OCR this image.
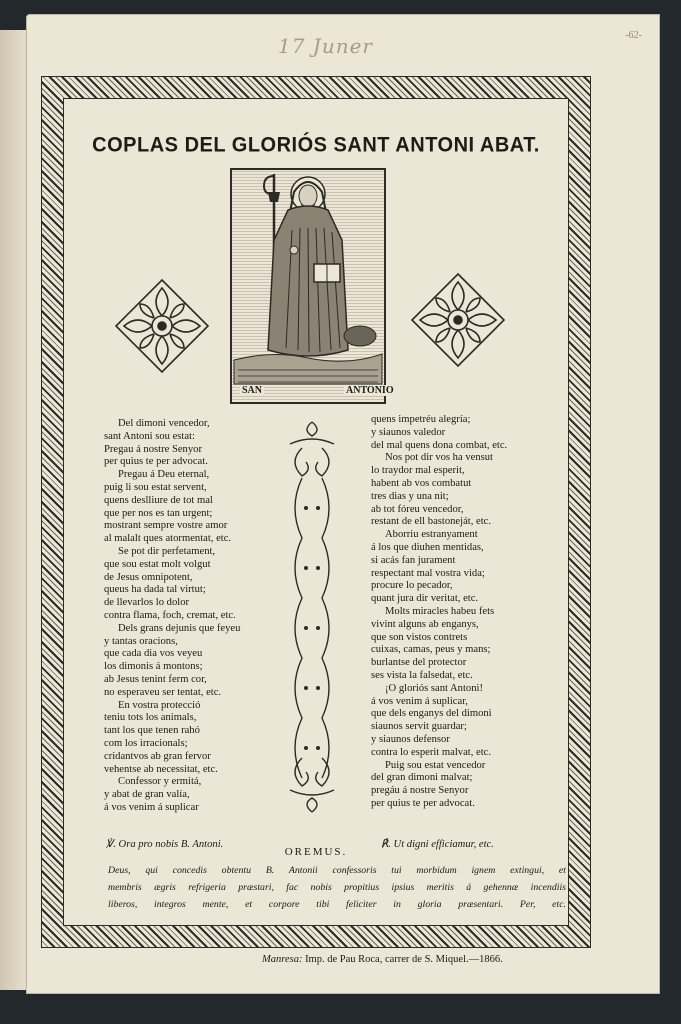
17 Juner	-62-
COPLAS DEL GLORIÓS SANT ANTONI ABAT.
SAN	ANTONIO
Del dimoni vencedor,
sant Antoni sou estat:
Pregau á nostre Senyor
per quius te per advocat.
Pregau á Deu eternal,
puig li sou estat servent,
quens deslliure de tot mal
que per nos es tan urgent;
mostrant sempre vostre amor
al malalt ques atormentat, etc.
Se pot dir perfetament,
que sou estat molt volgut
de Jesus omnipotent,
queus ha dada tal virtut;
de llevarlos lo dolor
contra flama, foch, cremat, etc.
Dels grans dejunis que feyeu
y tantas oracions,
que cada dia vos veyeu
los dimonis á montons;
ab Jesus tenint ferm cor,
no esperaveu ser tentat, etc.
En vostra protecció
teniu tots los animals,
tant los que tenen rahó
com los irracionals;
cridantvos ab gran fervor
vehentse ab necessitat, etc.
Confessor y ermitá,
y abat de gran valía,
á vos venim á suplicar
quens impetréu alegría;
y siaunos valedor
del mal quens dona combat, etc.
Nos pot dir vos ha vensut
lo traydor mal esperit,
habent ab vos combatut
tres dias y una nit;
ab tot fóreu vencedor,
restant de ell bastoneját, etc.
Aborriu estranyament
á los que diuhen mentidas,
si acás fan jurament
respectant mal vostra vida;
procure lo pecador,
quant jura dir veritat, etc.
Molts miracles habeu fets
vivint alguns ab enganys,
que son vistos contrets
cuixas, camas, peus y mans;
burlantse del protector
ses vista la falsedat, etc.
¡O gloriós sant Antoni!
á vos venim á suplicar,
que dels enganys del dimoni
siaunos servit guardar;
y siaunos defensor
contra lo esperit malvat, etc.
Puig sou estat vencedor
del gran dimoni malvat;
pregáu á nostre Senyor
per quius te per advocat.
℣. Ora pro nobis B. Antoni.	℟. Ut digni efficiamur, etc.
OREMUS.

Deus, qui concedis obtentu B. Antonii confessoris tui morbidum ignem extingui, et
membris ægris refrigeria præstari, fac nobis propitius ipsius meritis á gehennæ incendiis
liberos, integros mente, et corpore tibi feliciter in gloria præsentari. Per, etc.

Manresa: Imp. de Pau Roca, carrer de S. Miquel.—1866.
